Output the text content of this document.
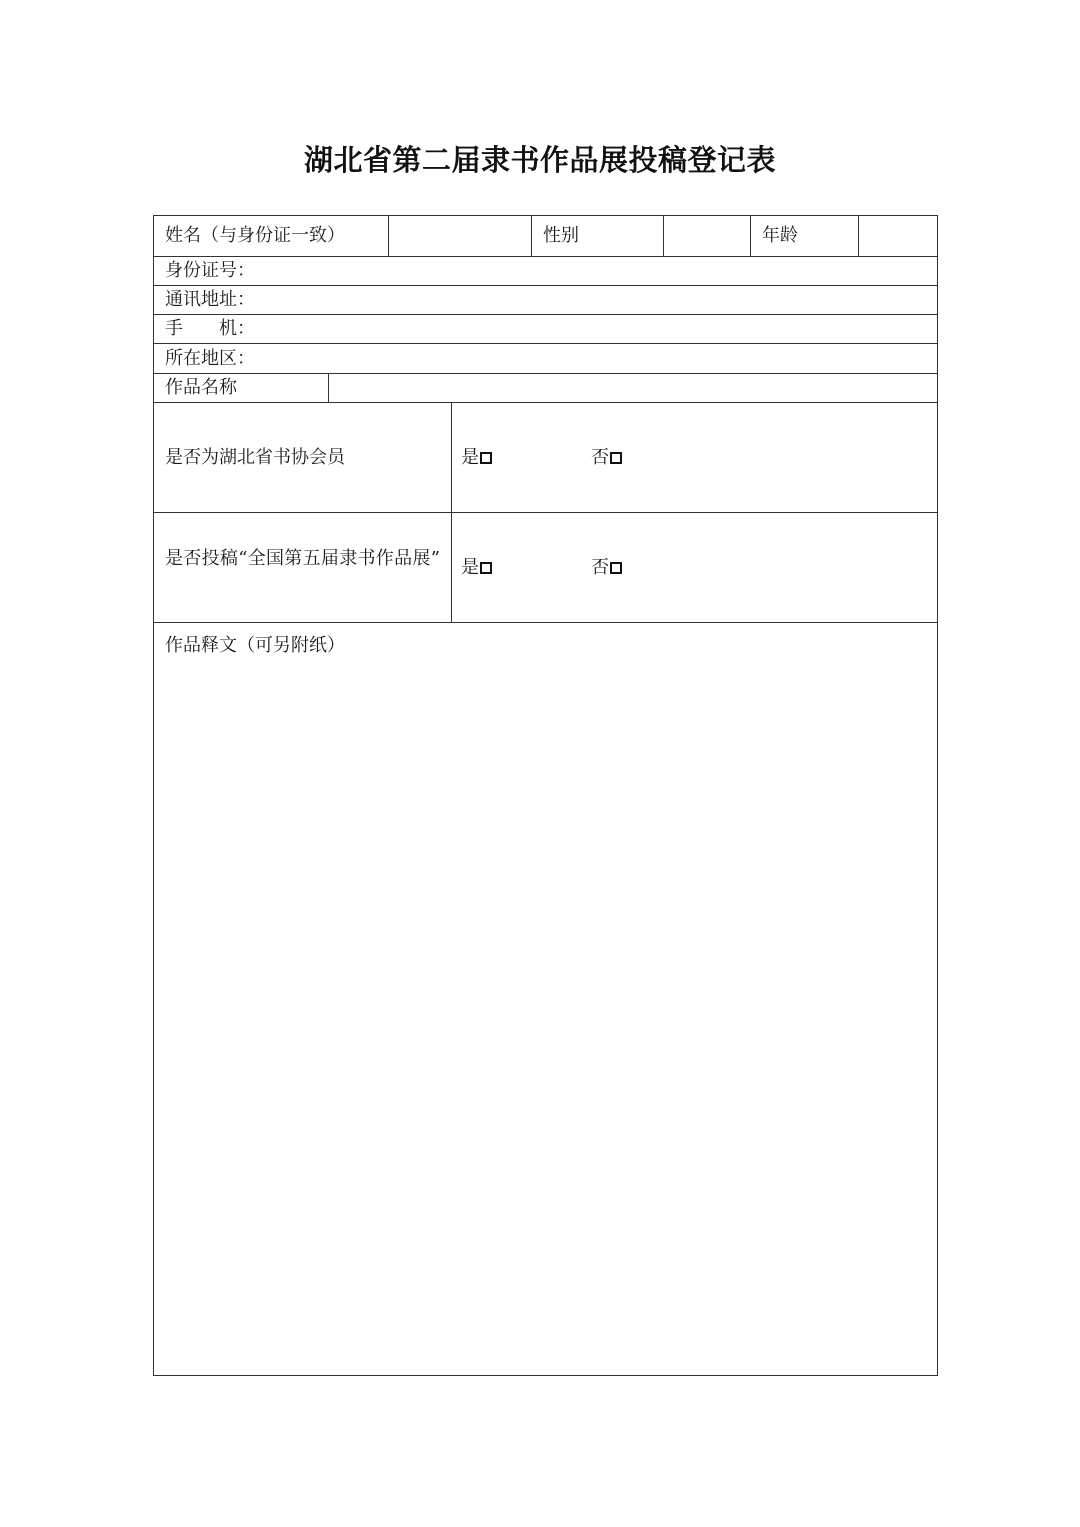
湖北省第二届隶书作品展投稿登记表
姓名（与身份证一致）	性别	年龄
身份证号：
通讯地址：
手　　机：
所在地区：
作品名称
是否为湖北省书协会员	是	否
是否投稿“全国第五届隶书作品展”	是	否
作品释文（可另附纸）
